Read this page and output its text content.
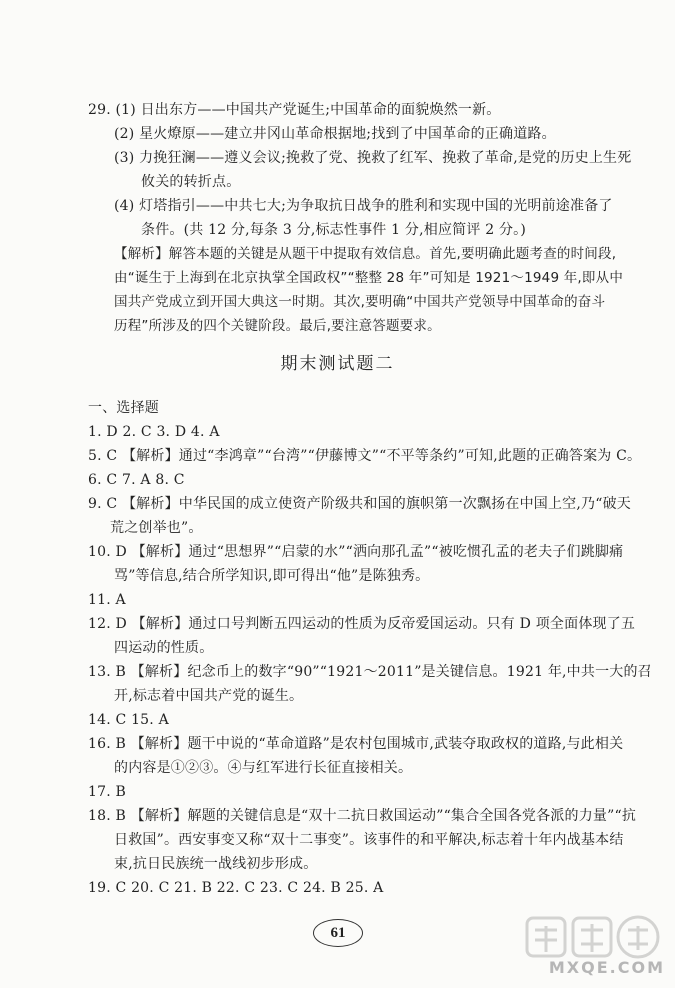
29. (1) 日出东方——中国共产党诞生;中国革命的面貌焕然一新。
(2) 星火燎原——建立井冈山革命根据地;找到了中国革命的正确道路。
(3) 力挽狂澜——遵义会议;挽救了党、挽救了红军、挽救了革命,是党的历史上生死
攸关的转折点。
(4) 灯塔指引——中共七大;为争取抗日战争的胜利和实现中国的光明前途准备了
条件。(共 12 分,每条 3 分,标志性事件 1 分,相应简评 2 分。)
【解析】解答本题的关键是从题干中提取有效信息。首先,要明确此题考查的时间段,
由“诞生于上海到在北京执掌全国政权”“整整 28 年”可知是 1921～1949 年,即从中
国共产党成立到开国大典这一时期。其次,要明确“中国共产党领导中国革命的奋斗
历程”所涉及的四个关键阶段。最后,要注意答题要求。
期末测试题二
一、选择题
1. D 2. C 3. D 4. A
5. C 【解析】通过“李鸿章”“台湾”“伊藤博文”“不平等条约”可知,此题的正确答案为 C。
6. C 7. A 8. C
9. C 【解析】中华民国的成立使资产阶级共和国的旗帜第一次飘扬在中国上空,乃“破天
荒之创举也”。
10. D 【解析】通过“思想界”“启蒙的水”“洒向那孔孟”“被吃惯孔孟的老夫子们跳脚痛
骂”等信息,结合所学知识,即可得出“他”是陈独秀。
11. A
12. D 【解析】通过口号判断五四运动的性质为反帝爱国运动。只有 D 项全面体现了五
四运动的性质。
13. B 【解析】纪念币上的数字“90”“1921～2011”是关键信息。1921 年,中共一大的召
开,标志着中国共产党的诞生。
14. C 15. A
16. B 【解析】题干中说的“革命道路”是农村包围城市,武装夺取政权的道路,与此相关
的内容是①②③。④与红军进行长征直接相关。
17. B
18. B 【解析】解题的关键信息是“双十二抗日救国运动”“集合全国各党各派的力量”“抗
日救国”。西安事变又称“双十二事变”。该事件的和平解决,标志着十年内战基本结
束,抗日民族统一战线初步形成。
19. C 20. C 21. B 22. C 23. C 24. B 25. A
61
MXQE.COM
